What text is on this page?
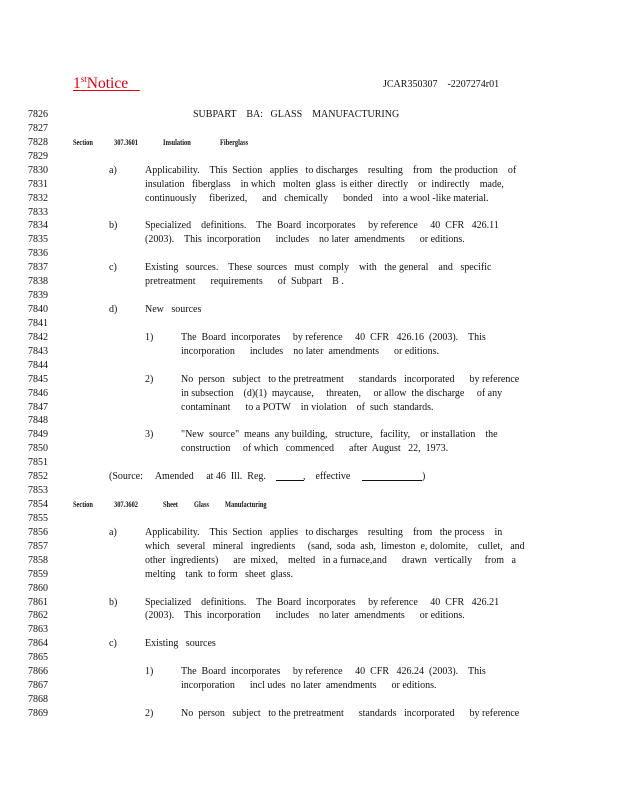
1stNotice	JCAR350307    -2207274r01
7826	SUBPART    BA:   GLASS    MANUFACTURING
7827
7828	Section	307.3601	Insulation	Fiberglass
7829
7830	a)	Applicability.    This  Section   applies   to discharges    resulting    from   the production    of
7831	insulation   fiberglass    in which   molten  glass  is either  directly    or  indirectly    made,
7832	continuously     fiberized,      and   chemically      bonded    into  a wool -like material.
7833
7834	b)	Specialized    definitions.    The  Board  incorporates     by reference     40  CFR   426.11
7835	(2003).    This  incorporation      includes    no later  amendments      or editions.
7836
7837	c)	Existing   sources.    These  sources   must  comply    with   the general    and   specific
7838	pretreatment      requirements      of  Subpart    B .
7839
7840	d)	New   sources
7841
7842	1)	The  Board  incorporates     by reference     40  CFR   426.16  (2003).    This
7843	incorporation      includes    no later  amendments      or editions.
7844
7845	2)	No  person   subject   to the pretreatment      standards   incorporated      by reference
7846	in subsection    (d)(1)  maycause,     threaten,     or allow  the discharge     of any
7847	contaminant      to a POTW    in violation    of  such  standards.
7848
7849	3)	"New  source"  means  any building,   structure,   facility,    or installation    the
7850	construction     of which   commenced      after  August   22,  1973.
7851
7852	(Source:     Amended     at 46  Ill.  Reg.	,    effective	)
7853
7854	Section	307.3602	Sheet Glass Manufacturing
7855
7856	a)	Applicability.    This  Section   applies   to discharges    resulting    from   the process    in
7857	which   several   mineral   ingredients     (sand,  soda  ash,  limeston  e, dolomite,    cullet,   and
7858	other  ingredients)      are  mixed,    melted   in a furnace,and      drawn   vertically     from   a
7859	melting    tank  to form   sheet  glass.
7860
7861	b)	Specialized    definitions.    The  Board  incorporates     by reference     40  CFR   426.21
7862	(2003).    This  incorporation      includes    no later  amendments      or editions.
7863
7864	c)	Existing   sources
7865
7866	1)	The  Board  incorporates     by reference     40  CFR   426.24  (2003).    This
7867	incorporation      incl udes  no later  amendments      or editions.
7868
7869	2)	No  person   subject   to the pretreatment      standards   incorporated      by reference
